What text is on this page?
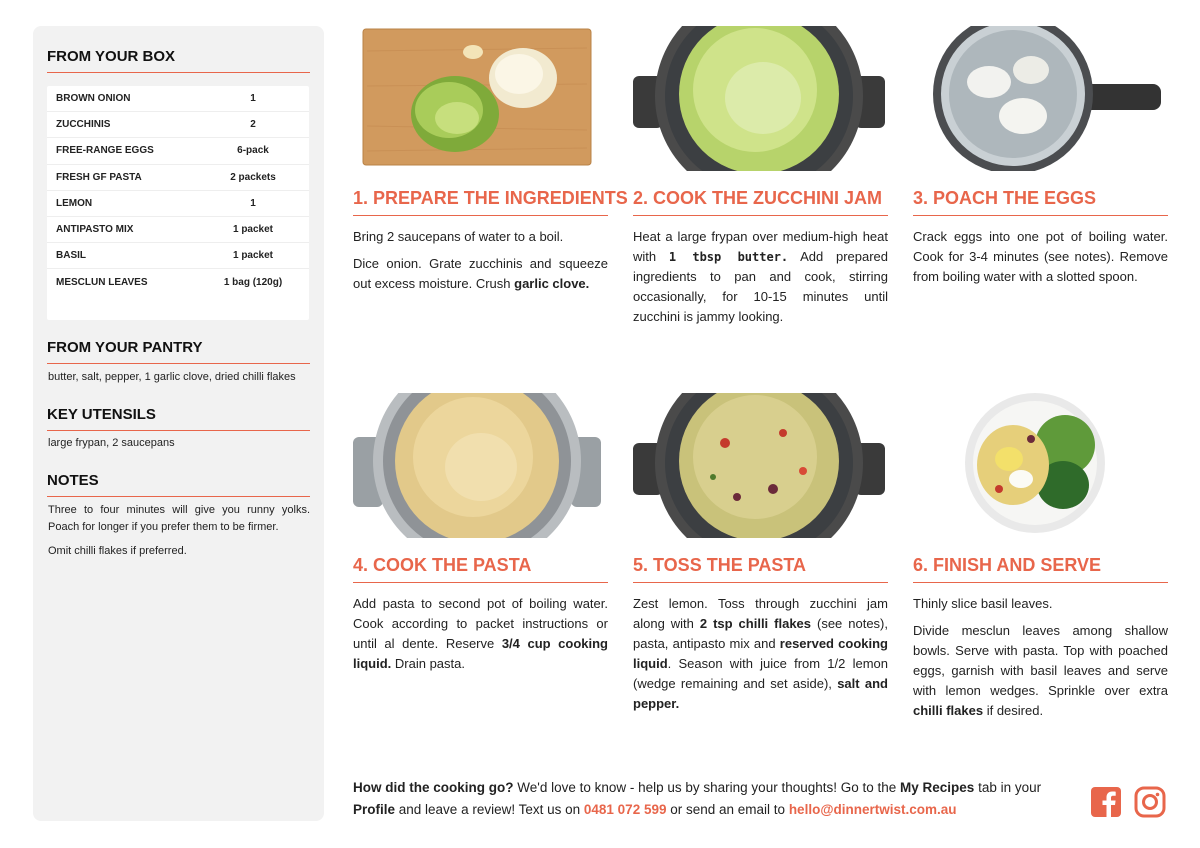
FROM YOUR BOX
BROWN ONION	1
ZUCCHINIS	2
FREE-RANGE EGGS	6-pack
FRESH GF PASTA	2 packets
LEMON	1
ANTIPASTO MIX	1 packet
BASIL	1 packet
MESCLUN LEAVES	1 bag (120g)
FROM YOUR PANTRY
butter, salt, pepper, 1 garlic clove, dried chilli flakes
KEY UTENSILS
large frypan, 2 saucepans
NOTES
Three to four minutes will give you runny yolks. Poach for longer if you prefer them to be firmer.
Omit chilli flakes if preferred.
1. PREPARE THE INGREDIENTS

Bring 2 saucepans of water to a boil.

Dice onion. Grate zucchinis and squeeze out excess moisture. Crush garlic clove.

2. COOK THE ZUCCHINI JAM

Heat a large frypan over medium-high heat with 1 tbsp butter. Add prepared ingredients to pan and cook, stirring occasionally, for 10-15 minutes until zucchini is jammy looking.

3. POACH THE EGGS

Crack eggs into one pot of boiling water. Cook for 3-4 minutes (see notes). Remove from boiling water with a slotted spoon.

4. COOK THE PASTA

Add pasta to second pot of boiling water. Cook according to packet instructions or until al dente. Reserve 3/4 cup cooking liquid. Drain pasta.

5. TOSS THE PASTA

Zest lemon. Toss through zucchini jam along with 2 tsp chilli flakes (see notes), pasta, antipasto mix and reserved cooking liquid. Season with juice from 1/2 lemon (wedge remaining and set aside), salt and pepper.

6. FINISH AND SERVE

Thinly slice basil leaves.

Divide mesclun leaves among shallow bowls. Serve with pasta. Top with poached eggs, garnish with basil leaves and serve with lemon wedges. Sprinkle over extra chilli flakes if desired.

How did the cooking go? We'd love to know - help us by sharing your thoughts! Go to the My Recipes tab in your Profile and leave a review! Text us on 0481 072 599 or send an email to hello@dinnertwist.com.au
